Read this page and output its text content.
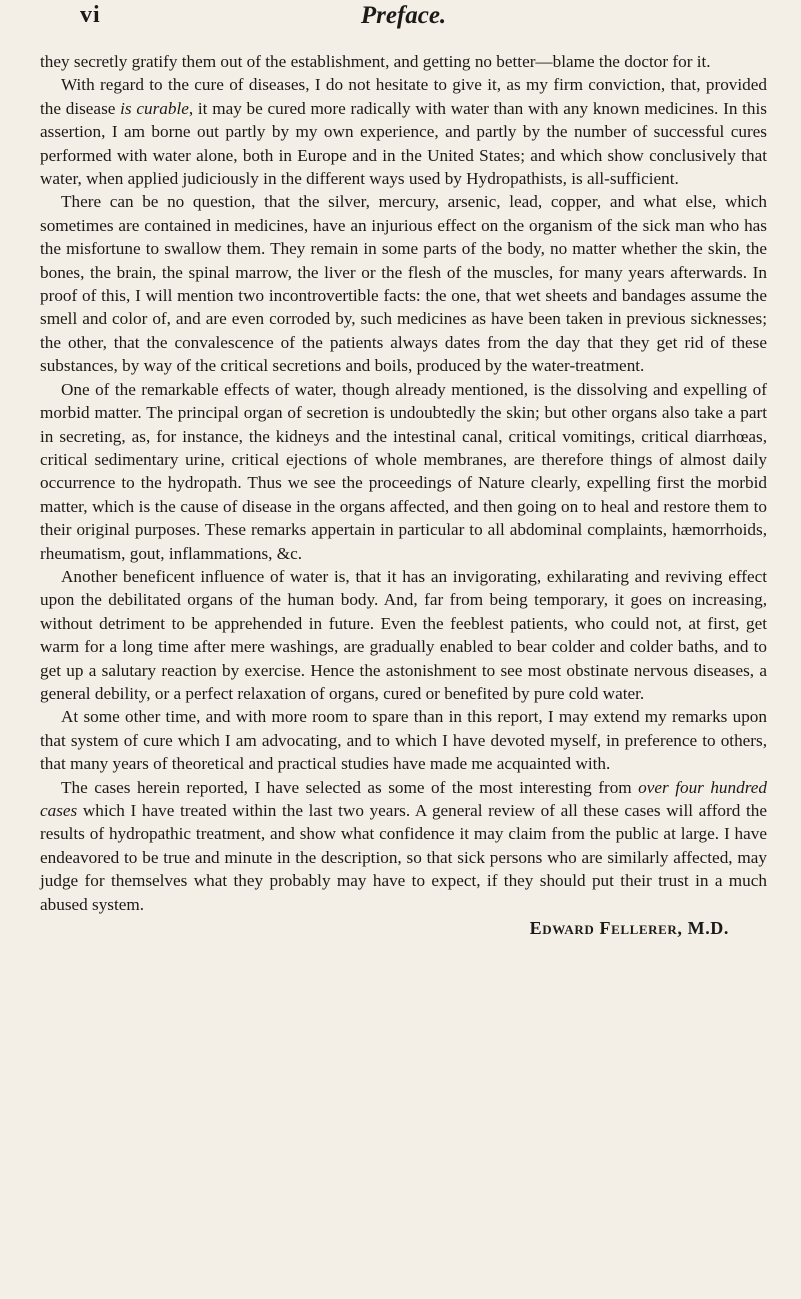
vi	Preface.

they secretly gratify them out of the establishment, and getting no better—blame the doctor for it.

With regard to the cure of diseases, I do not hesitate to give it, as my firm conviction, that, provided the disease is curable, it may be cured more radically with water than with any known medicines. In this assertion, I am borne out partly by my own experience, and partly by the number of successful cures performed with water alone, both in Europe and in the United States; and which show conclusively that water, when applied judiciously in the different ways used by Hydropathists, is all-sufficient.

There can be no question, that the silver, mercury, arsenic, lead, copper, and what else, which sometimes are contained in medicines, have an injurious effect on the organism of the sick man who has the misfortune to swallow them. They remain in some parts of the body, no matter whether the skin, the bones, the brain, the spinal marrow, the liver or the flesh of the muscles, for many years afterwards. In proof of this, I will mention two incontrovertible facts: the one, that wet sheets and bandages assume the smell and color of, and are even corroded by, such medicines as have been taken in previous sicknesses; the other, that the convalescence of the patients always dates from the day that they get rid of these substances, by way of the critical secretions and boils, produced by the water-treatment.

One of the remarkable effects of water, though already mentioned, is the dissolving and expelling of morbid matter. The principal organ of secretion is undoubtedly the skin; but other organs also take a part in secreting, as, for instance, the kidneys and the intestinal canal, critical vomitings, critical diarrhœas, critical sedimentary urine, critical ejections of whole membranes, are therefore things of almost daily occurrence to the hydropath. Thus we see the proceedings of Nature clearly, expelling first the morbid matter, which is the cause of disease in the organs affected, and then going on to heal and restore them to their original purposes. These remarks appertain in particular to all abdominal complaints, hæmorrhoids, rheumatism, gout, inflammations, &c.

Another beneficent influence of water is, that it has an invigorating, exhilarating and reviving effect upon the debilitated organs of the human body. And, far from being temporary, it goes on increasing, without detriment to be apprehended in future. Even the feeblest patients, who could not, at first, get warm for a long time after mere washings, are gradually enabled to bear colder and colder baths, and to get up a salutary reaction by exercise. Hence the astonishment to see most obstinate nervous diseases, a general debility, or a perfect relaxation of organs, cured or benefited by pure cold water.

At some other time, and with more room to spare than in this report, I may extend my remarks upon that system of cure which I am advocating, and to which I have devoted myself, in preference to others, that many years of theoretical and practical studies have made me acquainted with.

The cases herein reported, I have selected as some of the most interesting from over four hundred cases which I have treated within the last two years. A general review of all these cases will afford the results of hydropathic treatment, and show what confidence it may claim from the public at large. I have endeavored to be true and minute in the description, so that sick persons who are similarly affected, may judge for themselves what they probably may have to expect, if they should put their trust in a much abused system.

Edward Fellerer, M.D.
